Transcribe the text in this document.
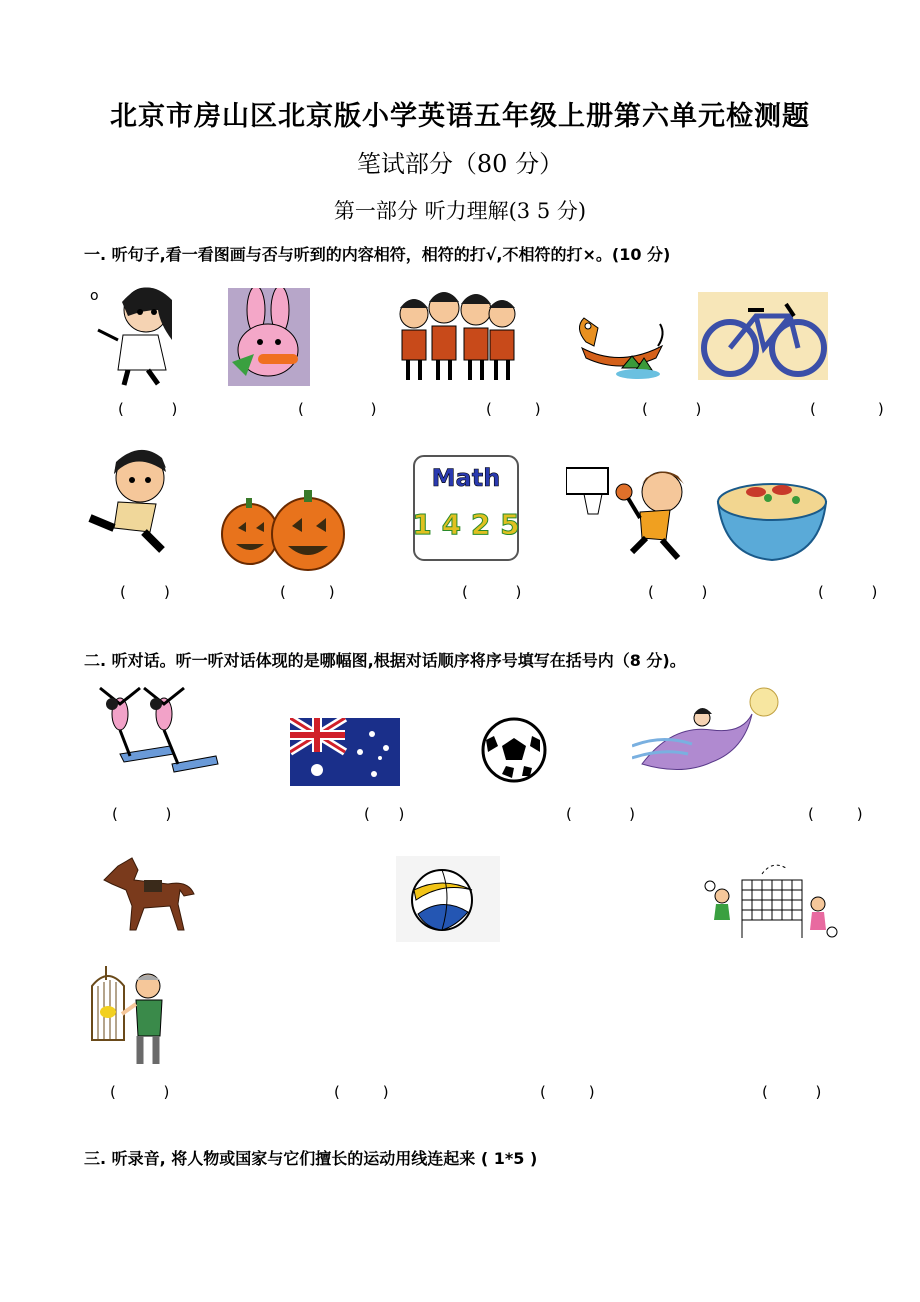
北京市房山区北京版小学英语五年级上册第六单元检测题
笔试部分（80 分）
第一部分 听力理解(3 5 分)
一. 听句子,看一看图画与否与听到的内容相符，相符的打√,不相符的打×。(10 分)
o
(          )	(              )	(         )	(          )	(             )
Math
1 4 2 5
(        )	(         )	(          )	(          )	(          )
二. 听对话。听一听对话体现的是哪幅图,根据对话顺序将序号填写在括号内（8 分)。
(          )	(      )	(            )	(         )
(          )	(         )	(         )	(          )
三. 听录音, 将人物或国家与它们擅长的运动用线连起来 ( 1*5 )
